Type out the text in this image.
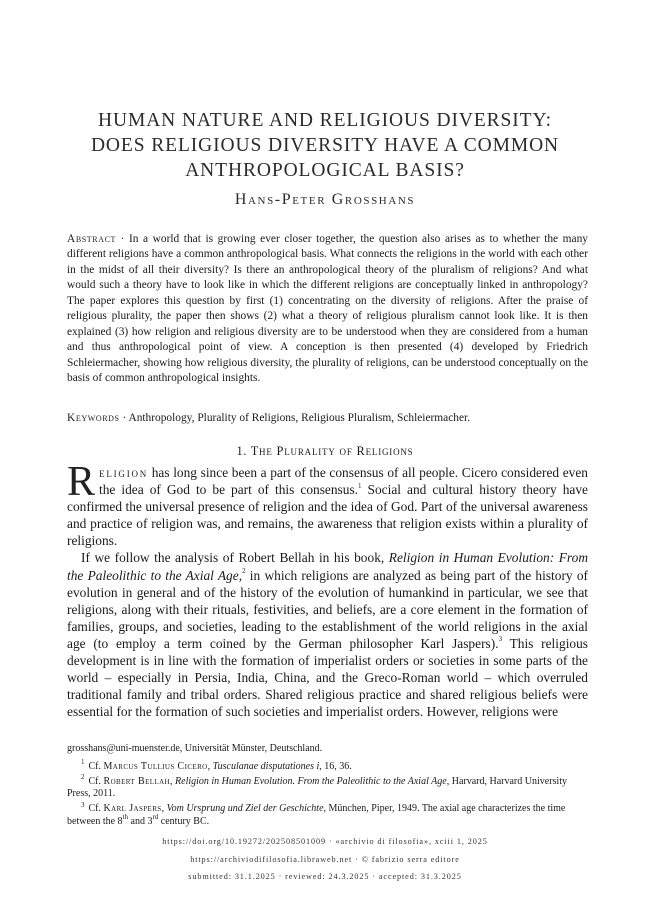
HUMAN NATURE AND RELIGIOUS DIVERSITY:
DOES RELIGIOUS DIVERSITY HAVE A COMMON
ANTHROPOLOGICAL BASIS?
Hans-Peter Grosshans
Abstract · In a world that is growing ever closer together, the question also arises as to whether the many different religions have a common anthropological basis. What connects the religions in the world with each other in the midst of all their diversity? Is there an anthropological theory of the pluralism of religions? And what would such a theory have to look like in which the different religions are conceptually linked in anthropology? The paper explores this question by first (1) concentrating on the diversity of religions. After the praise of religious plurality, the paper then shows (2) what a theory of religious pluralism cannot look like. It is then explained (3) how religion and religious diversity are to be understood when they are considered from a human and thus anthropological point of view. A conception is then presented (4) developed by Friedrich Schleiermacher, showing how religious diversity, the plurality of religions, can be understood conceptually on the basis of common anthropological insights.
Keywords · Anthropology, Plurality of Religions, Religious Pluralism, Schleiermacher.
1. The Plurality of Religions

Religion has long since been a part of the consensus of all people. Cicero considered even the idea of God to be part of this consensus.$^1$ Social and cultural history theory have confirmed the universal presence of religion and the idea of God. Part of the universal awareness and practice of religion was, and remains, the awareness that religion exists within a plurality of religions.

If we follow the analysis of Robert Bellah in his book, Religion in Human Evolution: From the Paleolithic to the Axial Age,$^2$ in which religions are analyzed as being part of the history of evolution in general and of the history of the evolution of humankind in particular, we see that religions, along with their rituals, festivities, and beliefs, are a core element in the formation of families, groups, and societies, leading to the establishment of the world religions in the axial age (to employ a term coined by the German philosopher Karl Jaspers).$^3$ This religious development is in line with the formation of imperialist orders or societies in some parts of the world – especially in Persia, India, China, and the Greco-Roman world – which overruled traditional family and tribal orders. Shared religious practice and shared religious beliefs were essential for the formation of such societies and imperialist orders. However, religions were

grosshans@uni-muenster.de, Universität Münster, Deutschland.

$^1$ Cf. Marcus Tullius Cicero, Tusculanae disputationes i, 16, 36.

$^2$ Cf. Robert Bellah, Religion in Human Evolution. From the Paleolithic to the Axial Age, Harvard, Harvard University Press, 2011.

$^3$ Cf. Karl Jaspers, Vom Ursprung und Ziel der Geschichte, München, Piper, 1949. The axial age characterizes the time between the 8th and 3rd century BC.

https://doi.org/10.19272/202508501009 · «archivio di filosofia», xciii 1, 2025
https://archiviodifilosofia.libraweb.net · © fabrizio serra editore
submitted: 31.1.2025 · reviewed: 24.3.2025 · accepted: 31.3.2025
